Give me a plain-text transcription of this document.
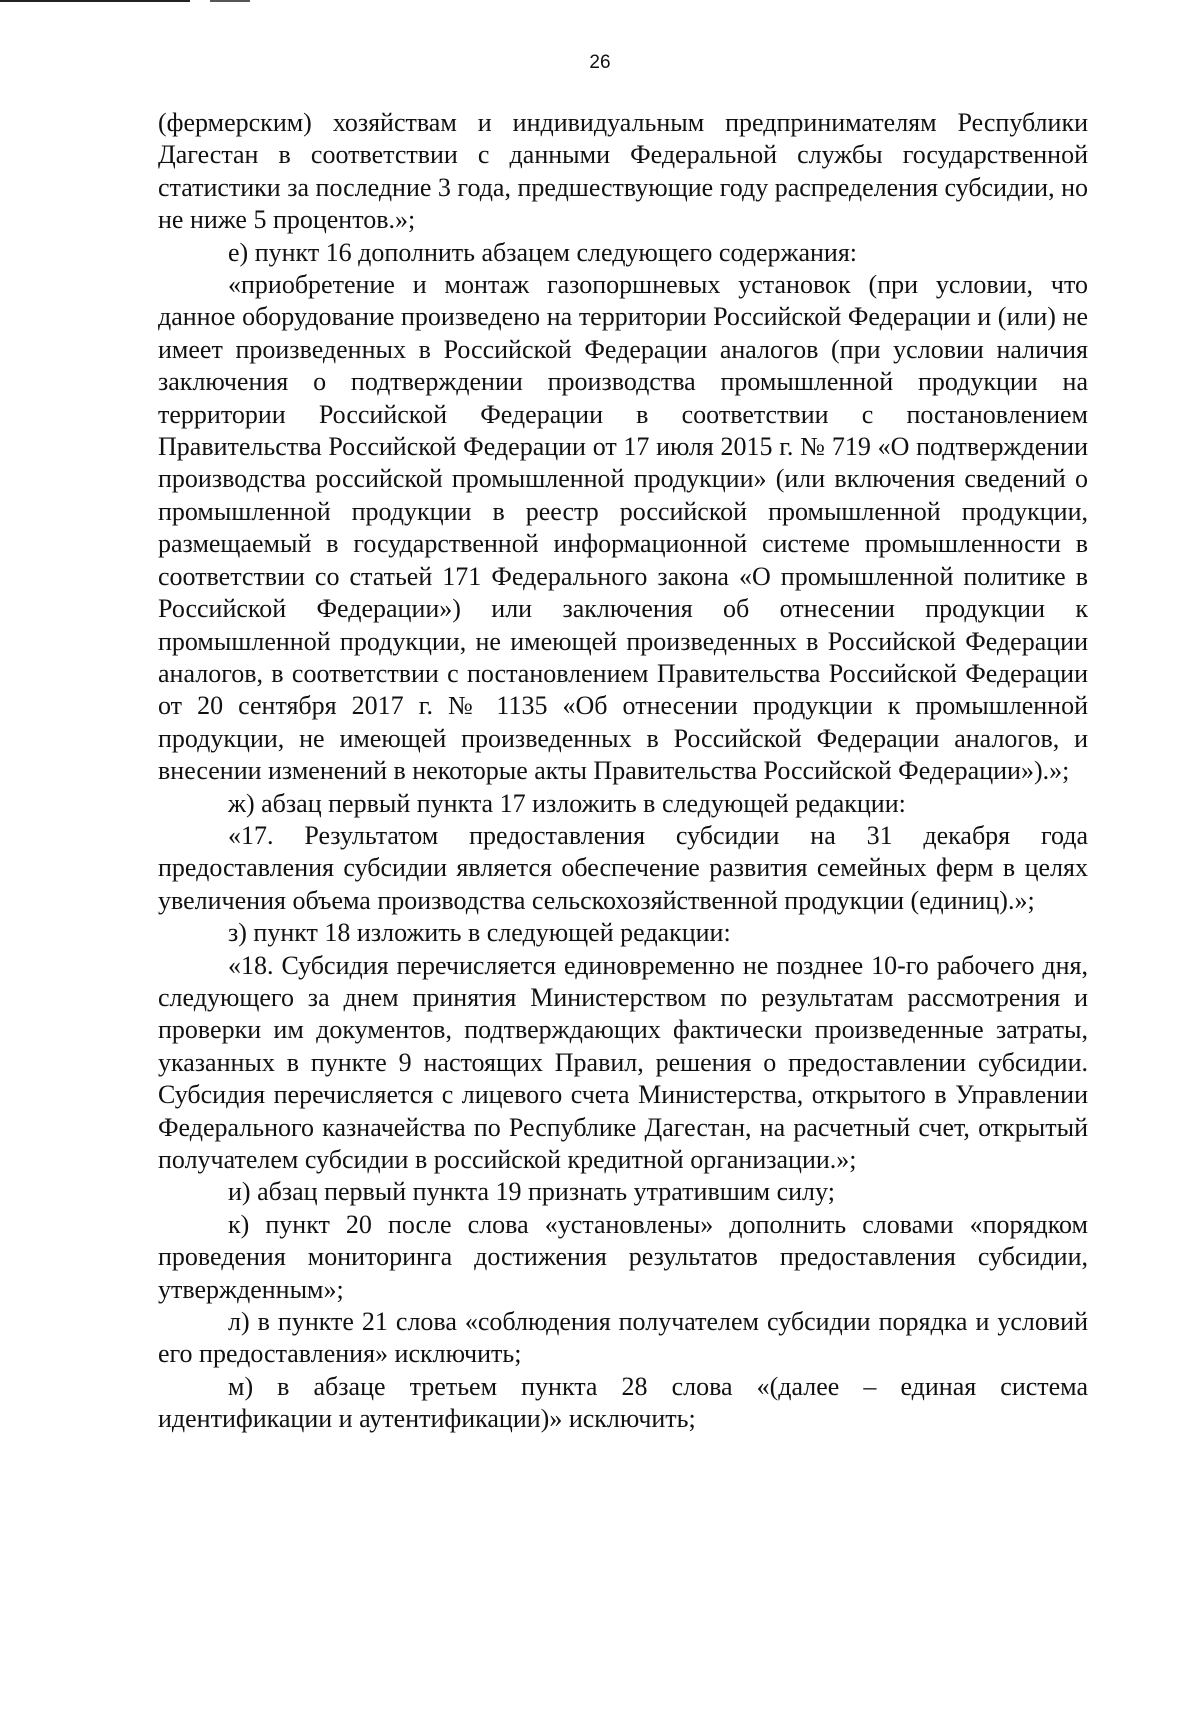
26

(фермерским) хозяйствам и индивидуальным предпринимателям Республики Дагестан в соответствии с данными Федеральной службы государственной статистики за последние 3 года, предшествующие году распределения субсидии, но не ниже 5 процентов.»;

е) пункт 16 дополнить абзацем следующего содержания:

«приобретение и монтаж газопоршневых установок (при условии, что данное оборудование произведено на территории Российской Федерации и (или) не имеет произведенных в Российской Федерации аналогов (при условии наличия заключения о подтверждении производства промышленной продукции на территории Российской Федерации в соответствии с постановлением Правительства Российской Федерации от 17 июля 2015 г. № 719 «О подтверждении производства российской промышленной продукции» (или включения сведений о промышленной продукции в реестр российской промышленной продукции, размещаемый в государственной информационной системе промышленности в соответствии со статьей 171 Федерального закона «О промышленной политике в Российской Федерации») или заключения об отнесении продукции к промышленной продукции, не имеющей произведенных в Российской Федерации аналогов, в соответствии с постановлением Правительства Российской Федерации от 20 сентября 2017 г. № 1135 «Об отнесении продукции к промышленной продукции, не имеющей произведенных в Российской Федерации аналогов, и внесении изменений в некоторые акты Правительства Российской Федерации»).»;

ж) абзац первый пункта 17 изложить в следующей редакции:

«17. Результатом предоставления субсидии на 31 декабря года предоставления субсидии является обеспечение развития семейных ферм в целях увеличения объема производства сельскохозяйственной продукции (единиц).»;

з) пункт 18 изложить в следующей редакции:

«18. Субсидия перечисляется единовременно не позднее 10-го рабочего дня, следующего за днем принятия Министерством по результатам рассмотрения и проверки им документов, подтверждающих фактически произведенные затраты, указанных в пункте 9 настоящих Правил, решения о предоставлении субсидии. Субсидия перечисляется с лицевого счета Министерства, открытого в Управлении Федерального казначейства по Республике Дагестан, на расчетный счет, открытый получателем субсидии в российской кредитной организации.»;

и) абзац первый пункта 19 признать утратившим силу;

к) пункт 20 после слова «установлены» дополнить словами «порядком проведения мониторинга достижения результатов предоставления субсидии, утвержденным»;

л) в пункте 21 слова «соблюдения получателем субсидии порядка и условий его предоставления» исключить;

м) в абзаце третьем пункта 28 слова «(далее – единая система идентификации и аутентификации)» исключить;
